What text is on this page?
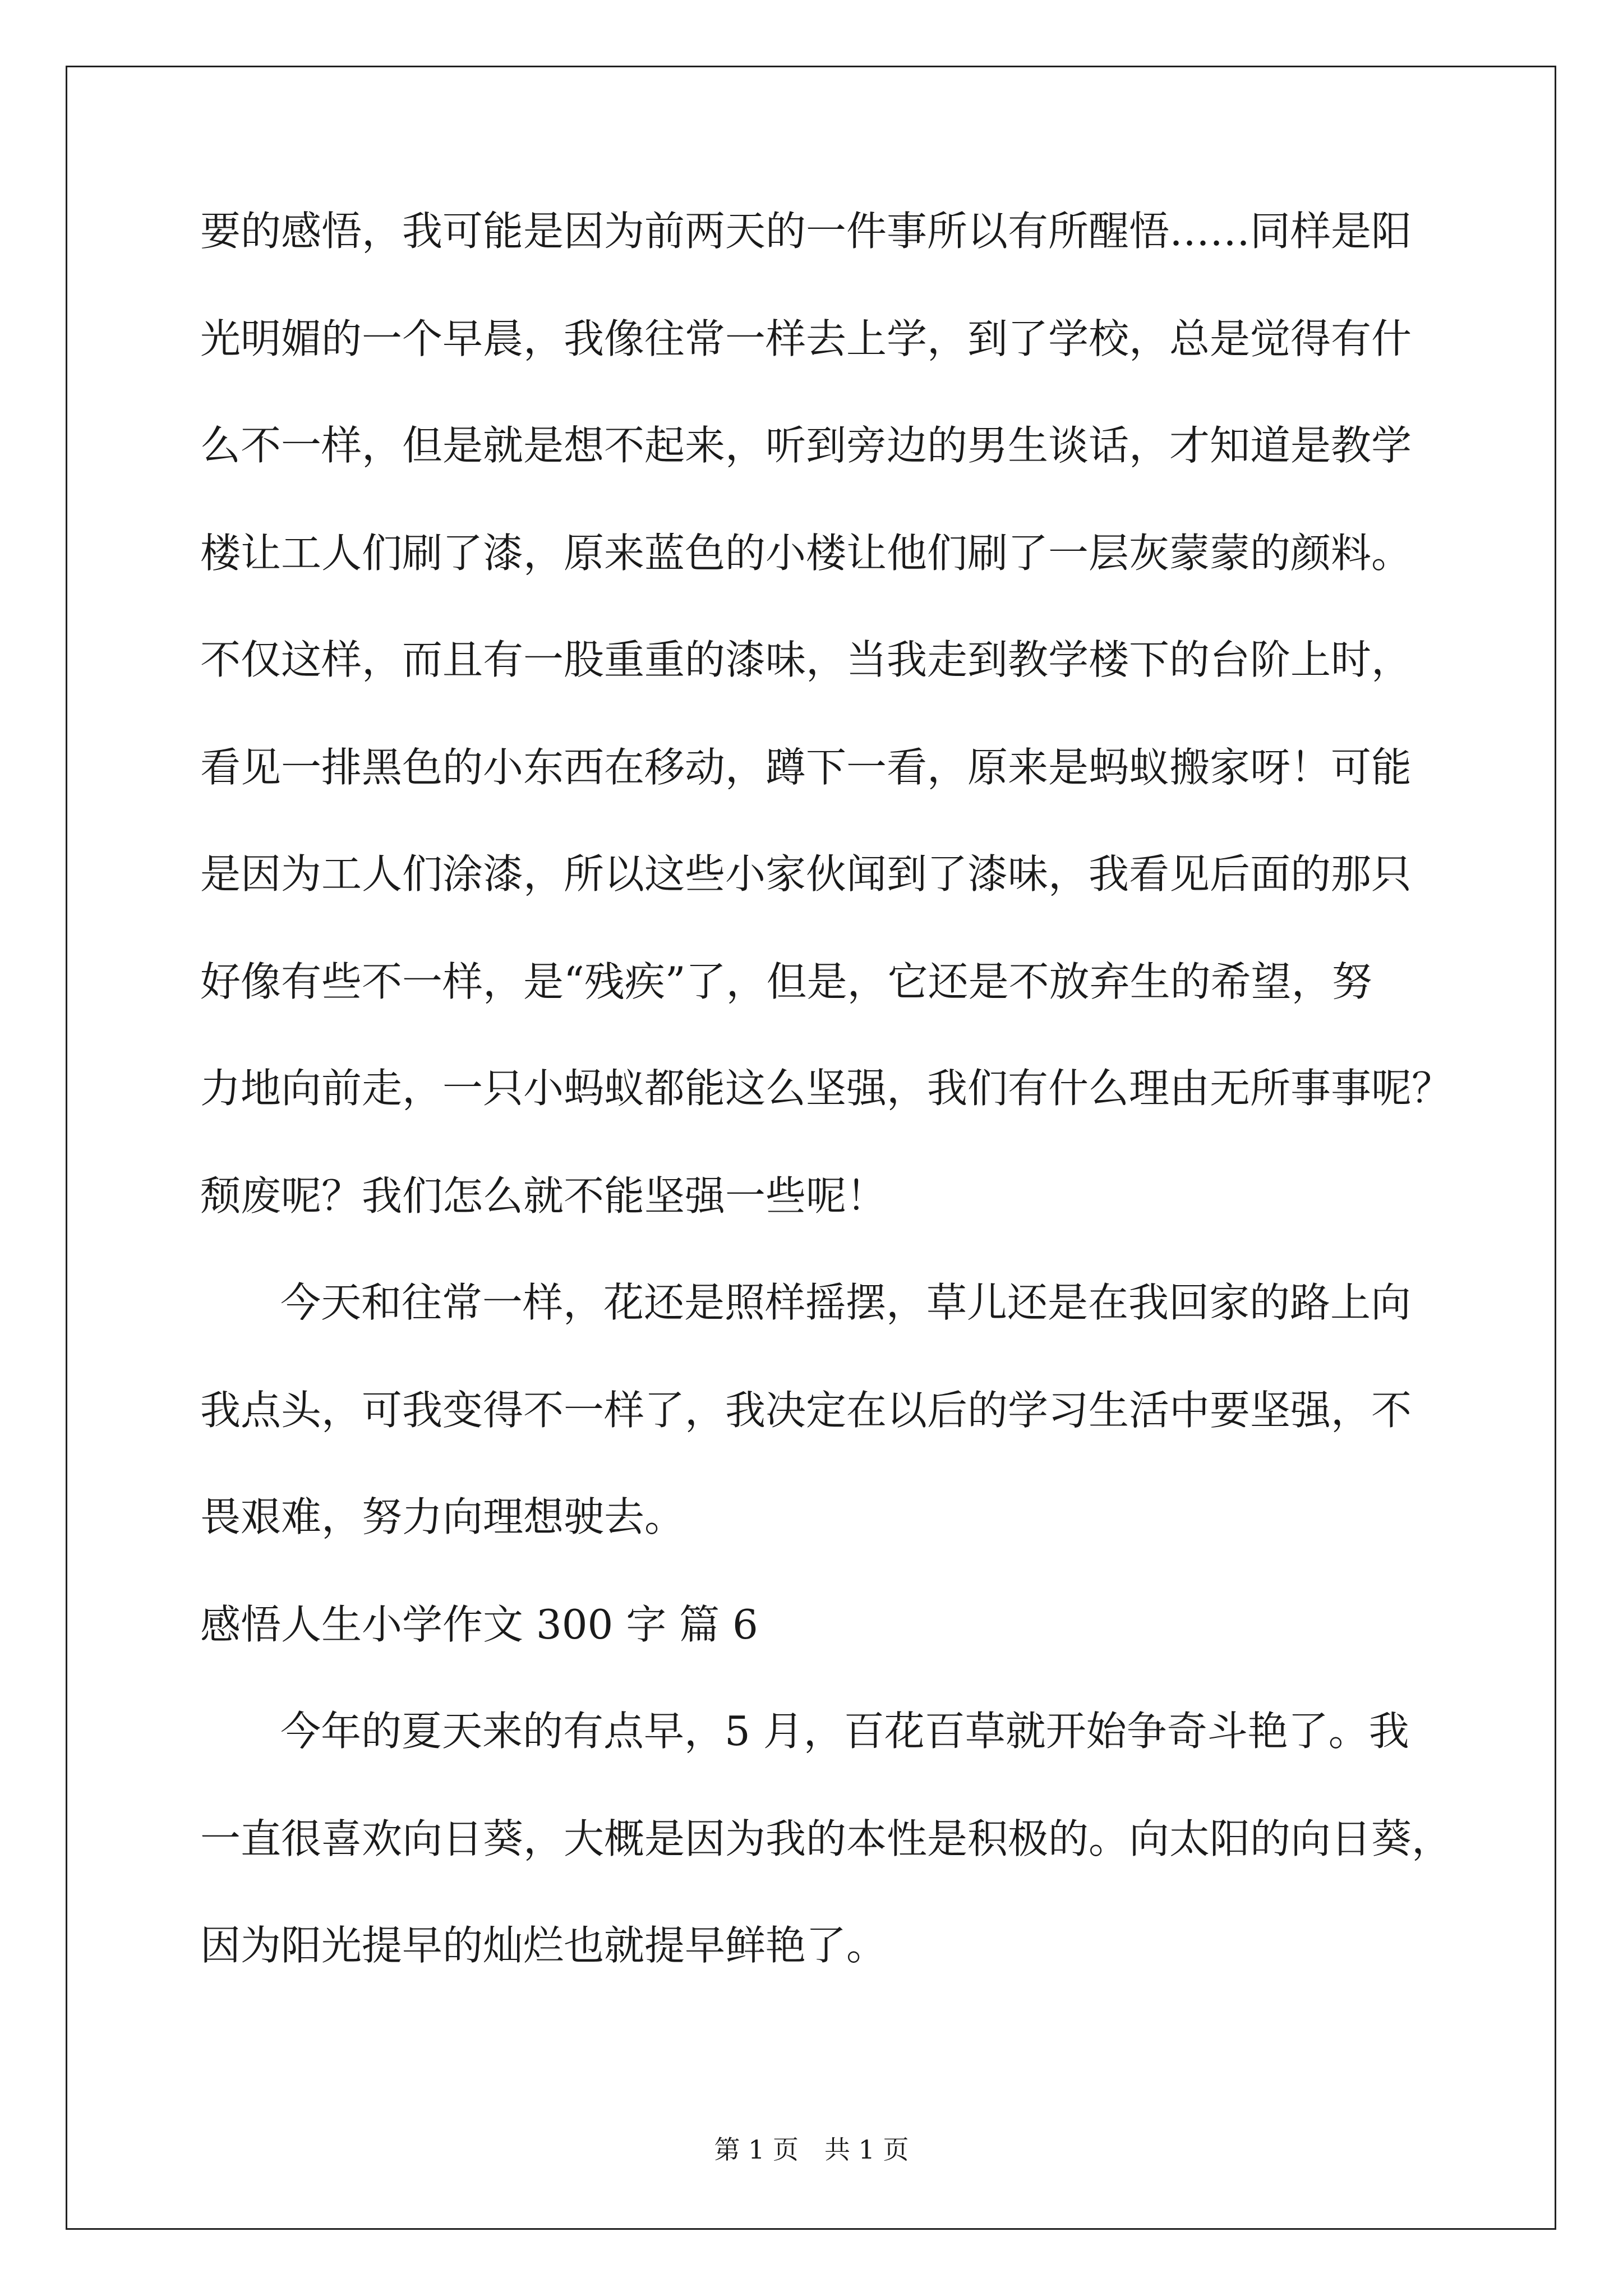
要的感悟，我可能是因为前两天的一件事所以有所醒悟……同样是阳
光明媚的一个早晨，我像往常一样去上学，到了学校，总是觉得有什
么不一样，但是就是想不起来，听到旁边的男生谈话，才知道是教学
楼让工人们刷了漆，原来蓝色的小楼让他们刷了一层灰蒙蒙的颜料。
不仅这样，而且有一股重重的漆味，当我走到教学楼下的台阶上时，
看见一排黑色的小东西在移动，蹲下一看，原来是蚂蚁搬家呀！可能
是因为工人们涂漆，所以这些小家伙闻到了漆味，我看见后面的那只
好像有些不一样，是“残疾”了，但是，它还是不放弃生的希望，努
力地向前走，一只小蚂蚁都能这么坚强，我们有什么理由无所事事呢？
颓废呢？我们怎么就不能坚强一些呢！
今天和往常一样，花还是照样摇摆，草儿还是在我回家的路上向
我点头，可我变得不一样了，我决定在以后的学习生活中要坚强，不
畏艰难，努力向理想驶去。
感悟人生小学作文 300 字 篇 6
今年的夏天来的有点早，5 月，百花百草就开始争奇斗艳了。我
一直很喜欢向日葵，大概是因为我的本性是积极的。向太阳的向日葵，
因为阳光提早的灿烂也就提早鲜艳了。
第 1 页 共 1 页
